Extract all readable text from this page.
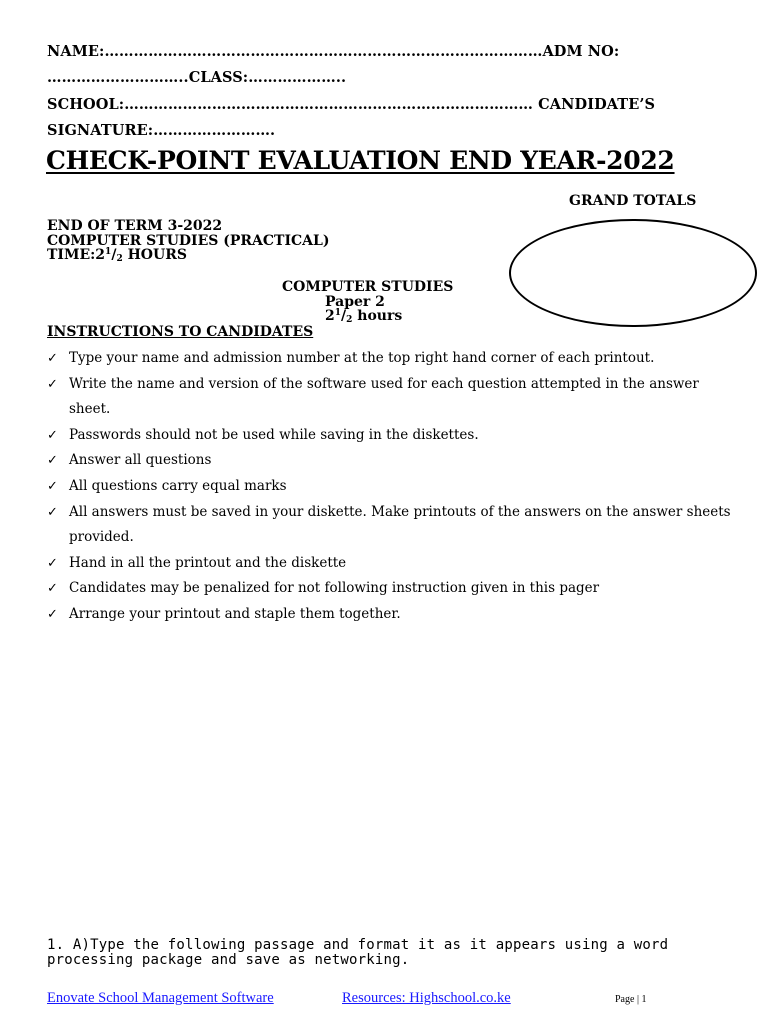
NAME:………………………………………………………………………………ADM NO:

………………………..CLASS:………………..

SCHOOL:………………………………………………………………………… CANDIDATE’S

SIGNATURE:…………………….

CHECK-POINT EVALUATION END YEAR-2022

GRAND TOTALS

END OF TERM 3-2022

COMPUTER STUDIES (PRACTICAL)

$TIME:2^1/_2$ HOURS

COMPUTER STUDIES

Paper 2

$2^1/_2$ hours

INSTRUCTIONS TO CANDIDATES

✓ Type your name and admission number at the top right hand corner of each printout.
✓ Write the name and version of the software used for each question attempted in the answer sheet.
✓ Passwords should not be used while saving in the diskettes.
✓ Answer all questions
✓ All questions carry equal marks
✓ All answers must be saved in your diskette. Make printouts of the answers on the answer sheets provided.
✓ Hand in all the printout and the diskette
✓ Candidates may be penalized for not following instruction given in this pager
✓ Arrange your printout and staple them together.

1. A)Type the following passage and format it as it appears using a word processing package and save as networking.

Enovate School Management Software	Resources: Highschool.co.ke	Page | 1
